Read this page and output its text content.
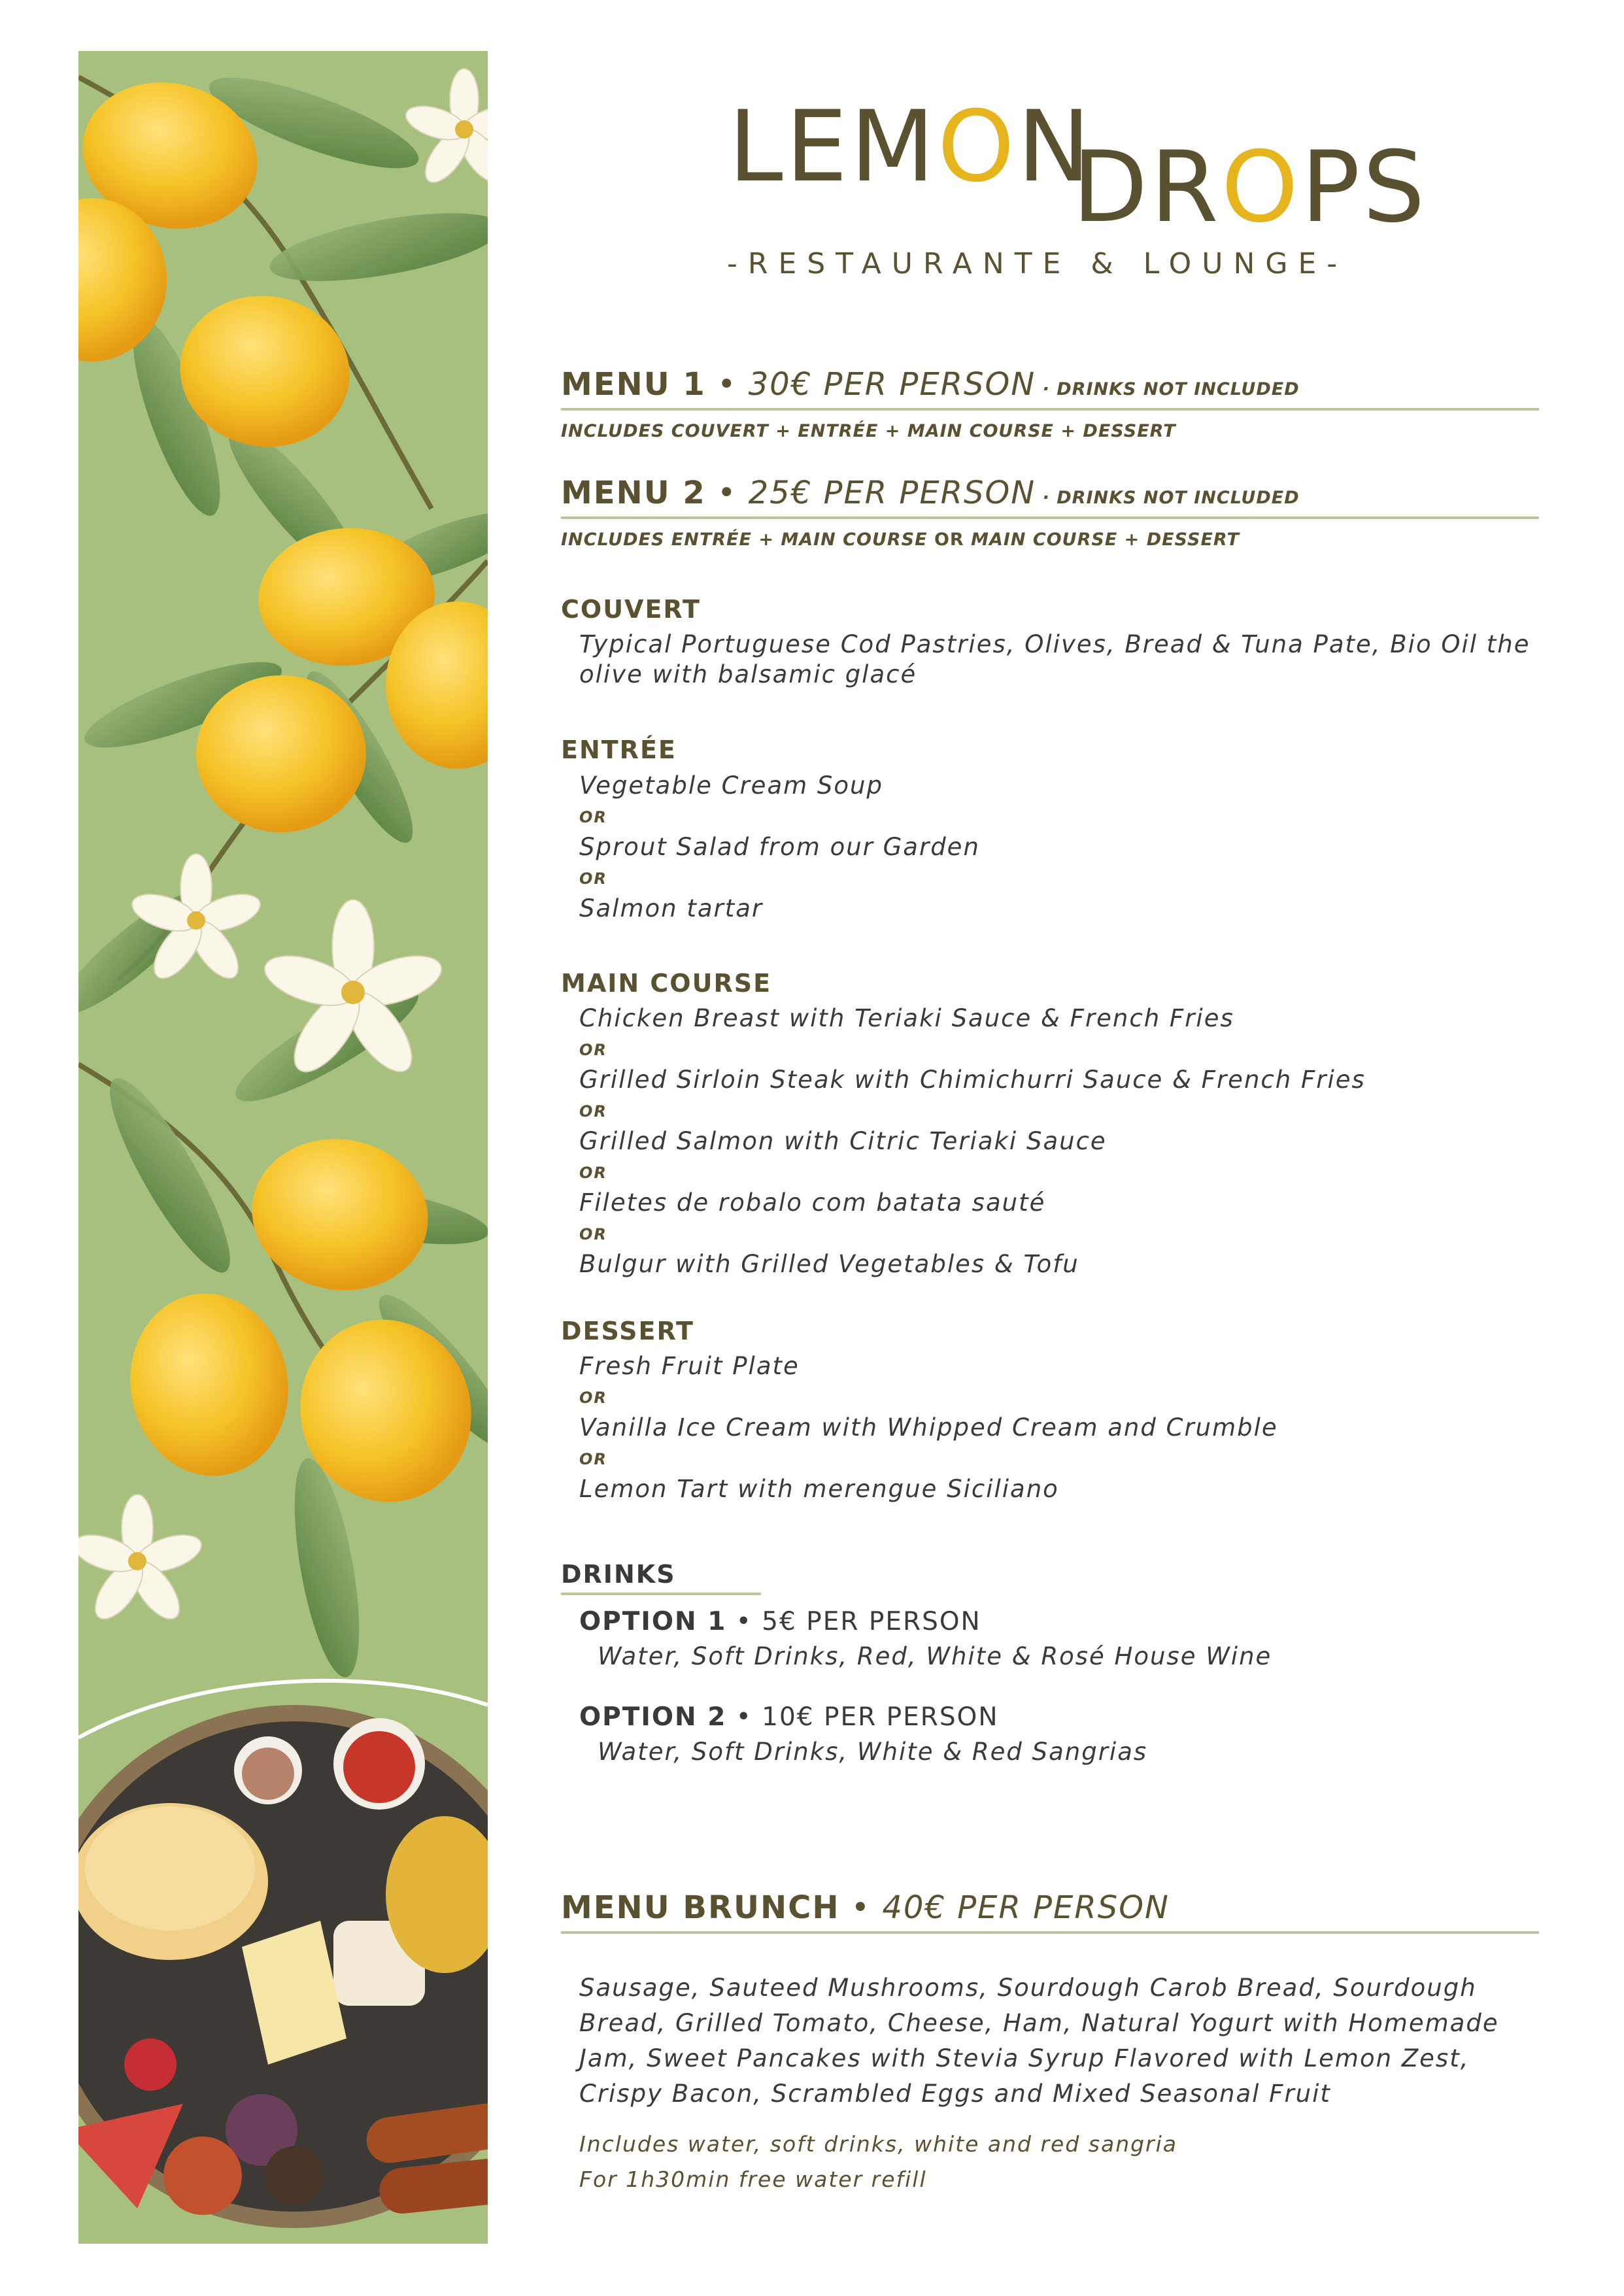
LEMON
DROPS
-RESTAURANTE & LOUNGE-
MENU 1 • 30€ PER PERSON · DRINKS NOT INCLUDED
INCLUDES COUVERT + ENTRÉE + MAIN COURSE + DESSERT
MENU 2 • 25€ PER PERSON · DRINKS NOT INCLUDED
INCLUDES ENTRÉE + MAIN COURSE OR MAIN COURSE + DESSERT
COUVERT
Typical Portuguese Cod Pastries, Olives, Bread & Tuna Pate, Bio Oil the
olive with balsamic glacé
ENTRÉE
Vegetable Cream Soup
OR
Sprout Salad from our Garden
OR
Salmon tartar
MAIN COURSE
Chicken Breast with Teriaki Sauce & French Fries
OR
Grilled Sirloin Steak with Chimichurri Sauce & French Fries
OR
Grilled Salmon with Citric Teriaki Sauce
OR
Filetes de robalo com batata sauté
OR
Bulgur with Grilled Vegetables & Tofu
DESSERT
Fresh Fruit Plate
OR
Vanilla Ice Cream with Whipped Cream and Crumble
OR
Lemon Tart with merengue Siciliano
DRINKS
OPTION 1 • 5€ PER PERSON
Water, Soft Drinks, Red, White & Rosé House Wine
OPTION 2 • 10€ PER PERSON
Water, Soft Drinks, White & Red Sangrias
MENU BRUNCH • 40€ PER PERSON
Sausage, Sauteed Mushrooms, Sourdough Carob Bread, Sourdough Bread, Grilled Tomato, Cheese, Ham, Natural Yogurt with Homemade Jam, Sweet Pancakes with Stevia Syrup Flavored with Lemon Zest, Crispy Bacon, Scrambled Eggs and Mixed Seasonal Fruit
Includes water, soft drinks, white and red sangria
For 1h30min free water refill
